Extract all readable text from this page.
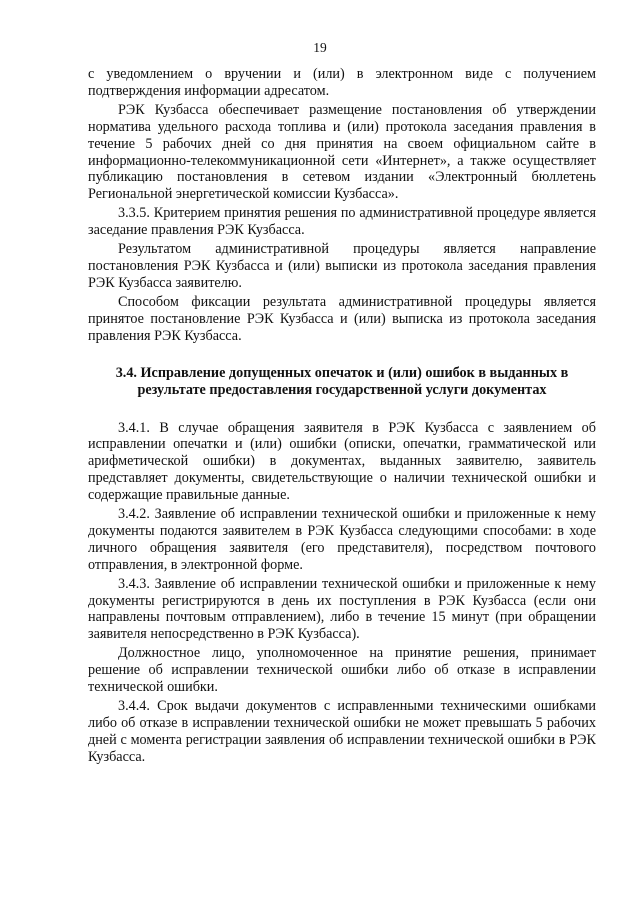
19

с уведомлением о вручении и (или) в электронном виде с получением подтверждения информации адресатом.

РЭК Кузбасса обеспечивает размещение постановления об утверждении норматива удельного расхода топлива и (или) протокола заседания правления в течение 5 рабочих дней со дня принятия на своем официальном сайте в информационно-телекоммуникационной сети «Интернет», а также осуществляет публикацию постановления в сетевом издании «Электронный бюллетень Региональной энергетической комиссии Кузбасса».

3.3.5. Критерием принятия решения по административной процедуре является заседание правления РЭК Кузбасса.

Результатом административной процедуры является направление постановления РЭК Кузбасса и (или) выписки из протокола заседания правления РЭК Кузбасса заявителю.

Способом фиксации результата административной процедуры является принятое постановление РЭК Кузбасса и (или) выписка из протокола заседания правления РЭК Кузбасса.

3.4. Исправление допущенных опечаток и (или) ошибок в выданных в результате предоставления государственной услуги документах

3.4.1. В случае обращения заявителя в РЭК Кузбасса с заявлением об исправлении опечатки и (или) ошибки (описки, опечатки, грамматической или арифметической ошибки) в документах, выданных заявителю, заявитель представляет документы, свидетельствующие о наличии технической ошибки и содержащие правильные данные.

3.4.2. Заявление об исправлении технической ошибки и приложенные к нему документы подаются заявителем в РЭК Кузбасса следующими способами: в ходе личного обращения заявителя (его представителя), посредством почтового отправления, в электронной форме.

3.4.3. Заявление об исправлении технической ошибки и приложенные к нему документы регистрируются в день их поступления в РЭК Кузбасса (если они направлены почтовым отправлением), либо в течение 15 минут (при обращении заявителя непосредственно в РЭК Кузбасса).

Должностное лицо, уполномоченное на принятие решения, принимает решение об исправлении технической ошибки либо об отказе в исправлении технической ошибки.

3.4.4. Срок выдачи документов с исправленными техническими ошибками либо об отказе в исправлении технической ошибки не может превышать 5 рабочих дней с момента регистрации заявления об исправлении технической ошибки в РЭК Кузбасса.
